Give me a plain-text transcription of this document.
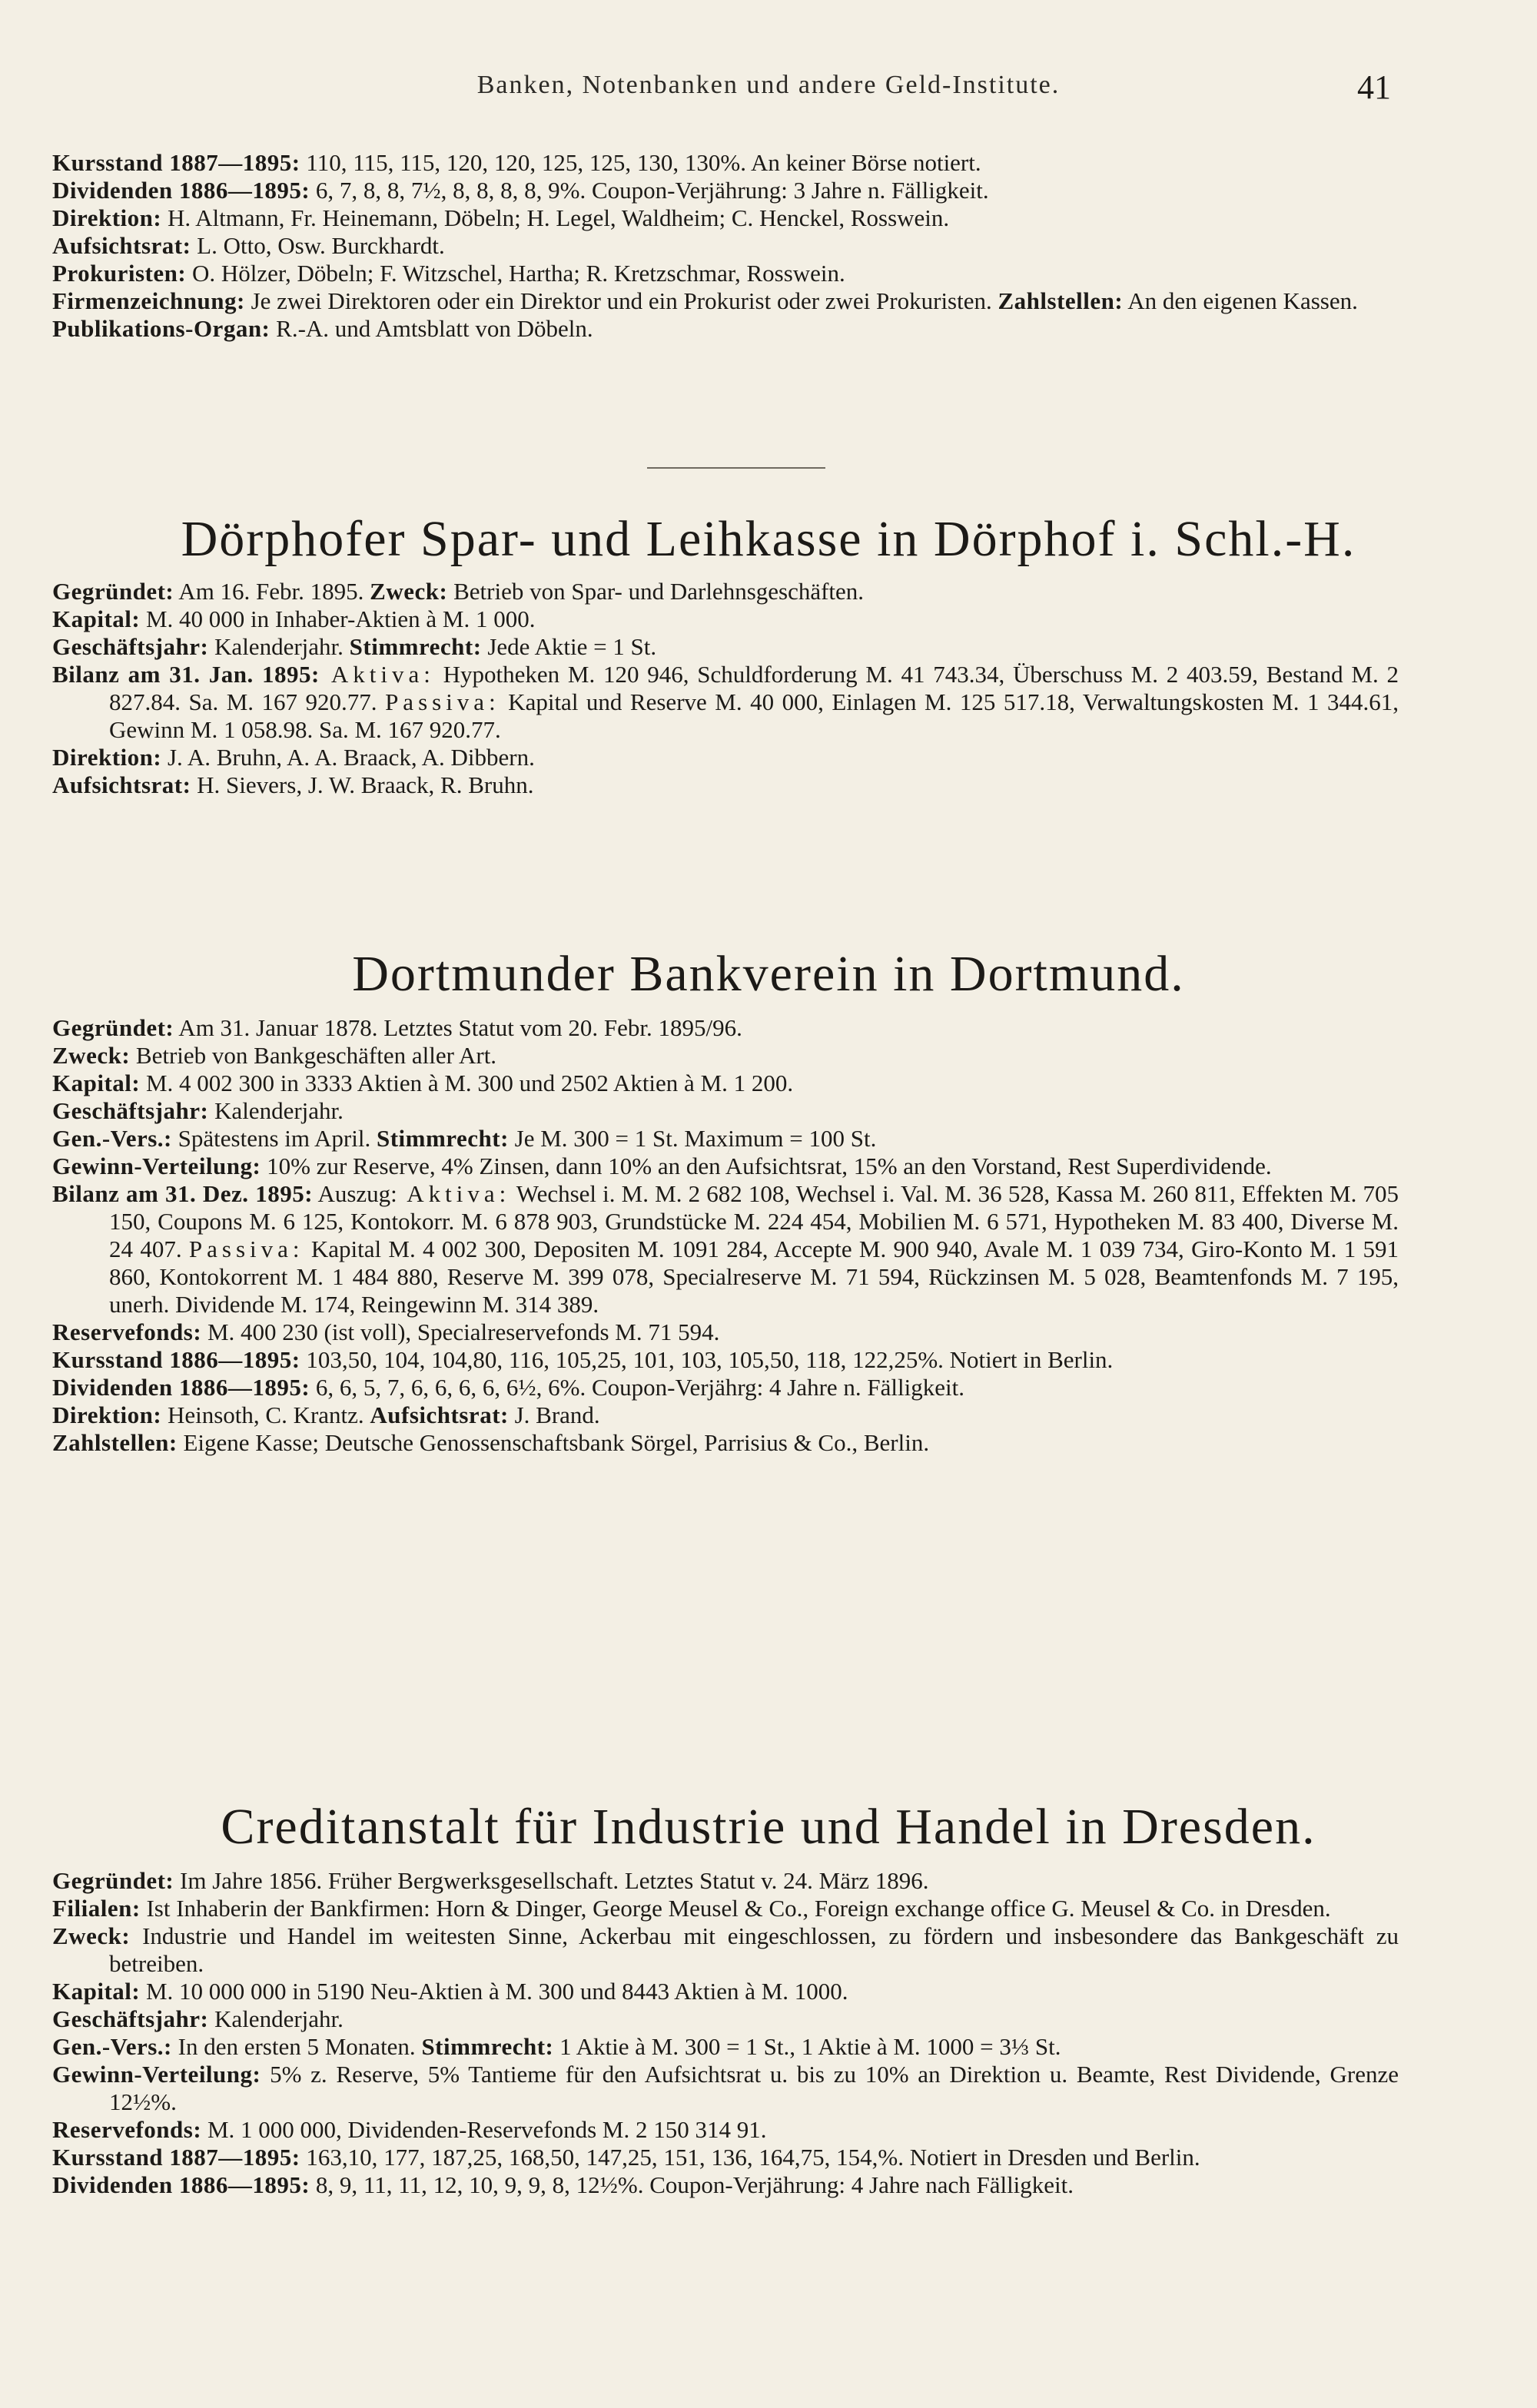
Banken, Notenbanken und andere Geld-Institute.	41

Kursstand 1887—1895: 110, 115, 115, 120, 120, 125, 125, 130, 130%. An keiner Börse notiert.

Dividenden 1886—1895: 6, 7, 8, 8, 7½, 8, 8, 8, 8, 9%. Coupon-Verjährung: 3 Jahre n. Fälligkeit.

Direktion: H. Altmann, Fr. Heinemann, Döbeln; H. Legel, Waldheim; C. Henckel, Rosswein.

Aufsichtsrat: L. Otto, Osw. Burckhardt.

Prokuristen: O. Hölzer, Döbeln; F. Witzschel, Hartha; R. Kretzschmar, Rosswein.

Firmenzeichnung: Je zwei Direktoren oder ein Direktor und ein Prokurist oder zwei Prokuristen. Zahlstellen: An den eigenen Kassen.

Publikations-Organ: R.-A. und Amtsblatt von Döbeln.

Dörphofer Spar- und Leihkasse in Dörphof i. Schl.-H.

Gegründet: Am 16. Febr. 1895. Zweck: Betrieb von Spar- und Darlehnsgeschäften.

Kapital: M. 40 000 in Inhaber-Aktien à M. 1 000.

Geschäftsjahr: Kalenderjahr. Stimmrecht: Jede Aktie = 1 St.

Bilanz am 31. Jan. 1895: Aktiva: Hypotheken M. 120 946, Schuldforderung M. 41 743.34, Überschuss M. 2 403.59, Bestand M. 2 827.84. Sa. M. 167 920.77. Passiva: Kapital und Reserve M. 40 000, Einlagen M. 125 517.18, Verwaltungskosten M. 1 344.61, Gewinn M. 1 058.98. Sa. M. 167 920.77.

Direktion: J. A. Bruhn, A. A. Braack, A. Dibbern.

Aufsichtsrat: H. Sievers, J. W. Braack, R. Bruhn.

Dortmunder Bankverein in Dortmund.

Gegründet: Am 31. Januar 1878. Letztes Statut vom 20. Febr. 1895/96.

Zweck: Betrieb von Bankgeschäften aller Art.

Kapital: M. 4 002 300 in 3333 Aktien à M. 300 und 2502 Aktien à M. 1 200.

Geschäftsjahr: Kalenderjahr.

Gen.-Vers.: Spätestens im April. Stimmrecht: Je M. 300 = 1 St. Maximum = 100 St.

Gewinn-Verteilung: 10% zur Reserve, 4% Zinsen, dann 10% an den Aufsichtsrat, 15% an den Vorstand, Rest Superdividende.

Bilanz am 31. Dez. 1895: Auszug: Aktiva: Wechsel i. M. M. 2 682 108, Wechsel i. Val. M. 36 528, Kassa M. 260 811, Effekten M. 705 150, Coupons M. 6 125, Kontokorr. M. 6 878 903, Grundstücke M. 224 454, Mobilien M. 6 571, Hypotheken M. 83 400, Diverse M. 24 407. Passiva: Kapital M. 4 002 300, Depositen M. 1091 284, Accepte M. 900 940, Avale M. 1 039 734, Giro-Konto M. 1 591 860, Kontokorrent M. 1 484 880, Reserve M. 399 078, Specialreserve M. 71 594, Rückzinsen M. 5 028, Beamtenfonds M. 7 195, unerh. Dividende M. 174, Reingewinn M. 314 389.

Reservefonds: M. 400 230 (ist voll), Specialreservefonds M. 71 594.

Kursstand 1886—1895: 103,50, 104, 104,80, 116, 105,25, 101, 103, 105,50, 118, 122,25%. Notiert in Berlin.

Dividenden 1886—1895: 6, 6, 5, 7, 6, 6, 6, 6, 6½, 6%. Coupon-Verjährg: 4 Jahre n. Fälligkeit.

Direktion: Heinsoth, C. Krantz. Aufsichtsrat: J. Brand.

Zahlstellen: Eigene Kasse; Deutsche Genossenschaftsbank Sörgel, Parrisius & Co., Berlin.

Creditanstalt für Industrie und Handel in Dresden.

Gegründet: Im Jahre 1856. Früher Bergwerksgesellschaft. Letztes Statut v. 24. März 1896.

Filialen: Ist Inhaberin der Bankfirmen: Horn & Dinger, George Meusel & Co., Foreign exchange office G. Meusel & Co. in Dresden.

Zweck: Industrie und Handel im weitesten Sinne, Ackerbau mit eingeschlossen, zu fördern und insbesondere das Bankgeschäft zu betreiben.

Kapital: M. 10 000 000 in 5190 Neu-Aktien à M. 300 und 8443 Aktien à M. 1000.

Geschäftsjahr: Kalenderjahr.

Gen.-Vers.: In den ersten 5 Monaten. Stimmrecht: 1 Aktie à M. 300 = 1 St., 1 Aktie à M. 1000 = 3⅓ St.

Gewinn-Verteilung: 5% z. Reserve, 5% Tantieme für den Aufsichtsrat u. bis zu 10% an Direktion u. Beamte, Rest Dividende, Grenze 12½%.

Reservefonds: M. 1 000 000, Dividenden-Reservefonds M. 2 150 314 91.

Kursstand 1887—1895: 163,10, 177, 187,25, 168,50, 147,25, 151, 136, 164,75, 154,%. Notiert in Dresden und Berlin.

Dividenden 1886—1895: 8, 9, 11, 11, 12, 10, 9, 9, 8, 12½%. Coupon-Verjährung: 4 Jahre nach Fälligkeit.
